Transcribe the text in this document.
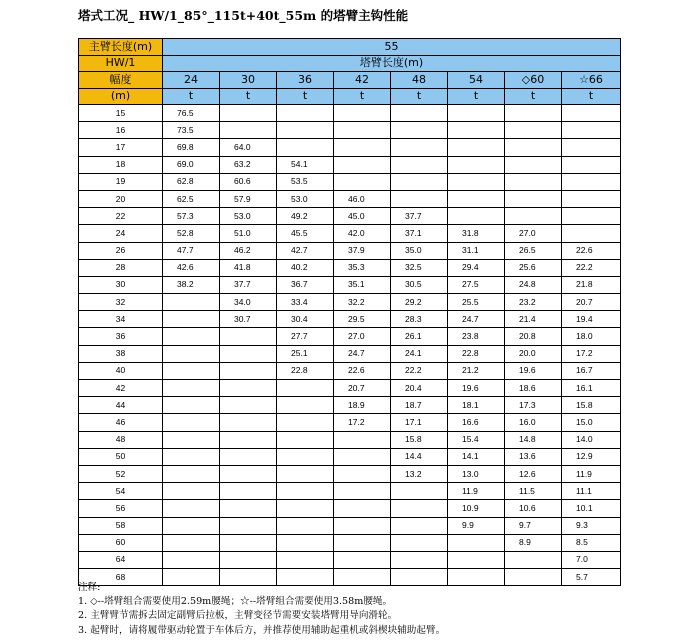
塔式工况_ HW/1_85°_115t+40t_55m 的塔臂主钩性能
主臂长度(m)	55							
HW/1	塔臂长度(m)							
幅度	24	30	36	42	48	54	◇60	☆66
(m)	t	t	t	t	t	t	t	t
15	76.5							
16	73.5							
17	69.8	64.0						
18	69.0	63.2	54.1					
19	62.8	60.6	53.5					
20	62.5	57.9	53.0	46.0				
22	57.3	53.0	49.2	45.0	37.7			
24	52.8	51.0	45.5	42.0	37.1	31.8	27.0	
26	47.7	46.2	42.7	37.9	35.0	31.1	26.5	22.6
28	42.6	41.8	40.2	35.3	32.5	29.4	25.6	22.2
30	38.2	37.7	36.7	35.1	30.5	27.5	24.8	21.8
32		34.0	33.4	32.2	29.2	25.5	23.2	20.7
34		30.7	30.4	29.5	28.3	24.7	21.4	19.4
36			27.7	27.0	26.1	23.8	20.8	18.0
38			25.1	24.7	24.1	22.8	20.0	17.2
40			22.8	22.6	22.2	21.2	19.6	16.7
42				20.7	20.4	19.6	18.6	16.1
44				18.9	18.7	18.1	17.3	15.8
46				17.2	17.1	16.6	16.0	15.0
48					15.8	15.4	14.8	14.0
50					14.4	14.1	13.6	12.9
52					13.2	13.0	12.6	11.9
54						11.9	11.5	11.1
56						10.9	10.6	10.1
58						9.9	9.7	9.3
60							8.9	8.5
64								7.0
68								5.7
注释:
1. ◇--塔臂组合需要使用2.59m腰绳；☆--塔臂组合需要使用3.58m腰绳。
2. 主臂臂节需拆去固定副臂后拉板，主臂变径节需要安装塔臂用导向滑轮。
3. 起臂时，请将履带驱动轮置于车体后方，并推荐使用辅助起重机或斜楔块辅助起臂。
